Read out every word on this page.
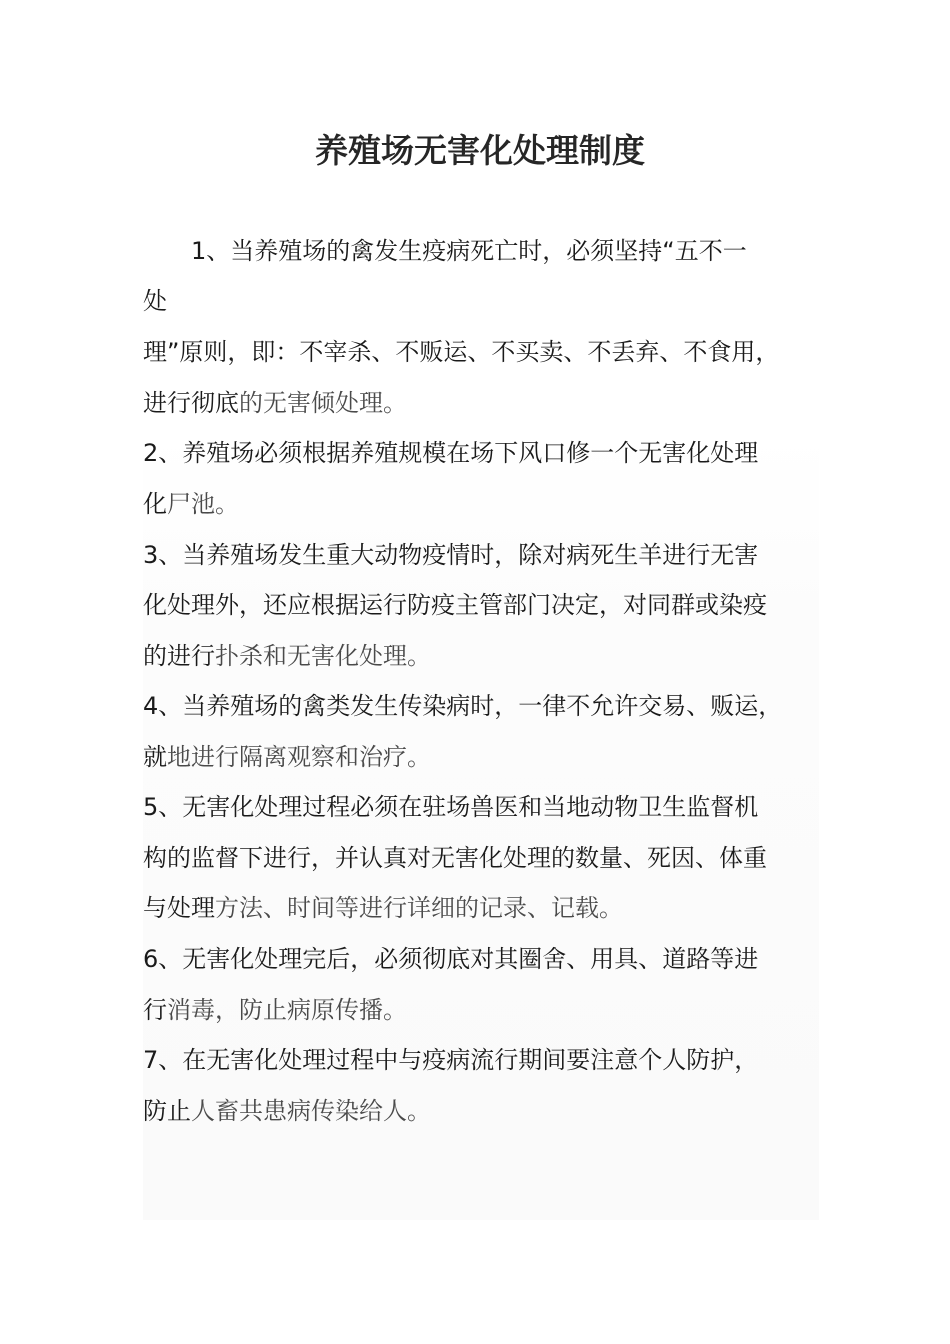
养殖场无害化处理制度
　　1、当养殖场的禽发生疫病死亡时，必须坚持“五不一
处
理”原则，即：不宰杀、不贩运、不买卖、不丢弃、不食用，
进行彻底的无害倾处理。
2、养殖场必须根据养殖规模在场下风口修一个无害化处理
化尸池。
3、当养殖场发生重大动物疫情时，除对病死生羊进行无害
化处理外，还应根据运行防疫主管部门决定，对同群或染疫
的进行扑杀和无害化处理。
4、当养殖场的禽类发生传染病时，一律不允许交易、贩运，
就地进行隔离观察和治疗。
5、无害化处理过程必须在驻场兽医和当地动物卫生监督机
构的监督下进行，并认真对无害化处理的数量、死因、体重
与处理方法、时间等进行详细的记录、记载。
6、无害化处理完后，必须彻底对其圈舍、用具、道路等进
行消毒，防止病原传播。
7、在无害化处理过程中与疫病流行期间要注意个人防护，
防止人畜共患病传染给人。
